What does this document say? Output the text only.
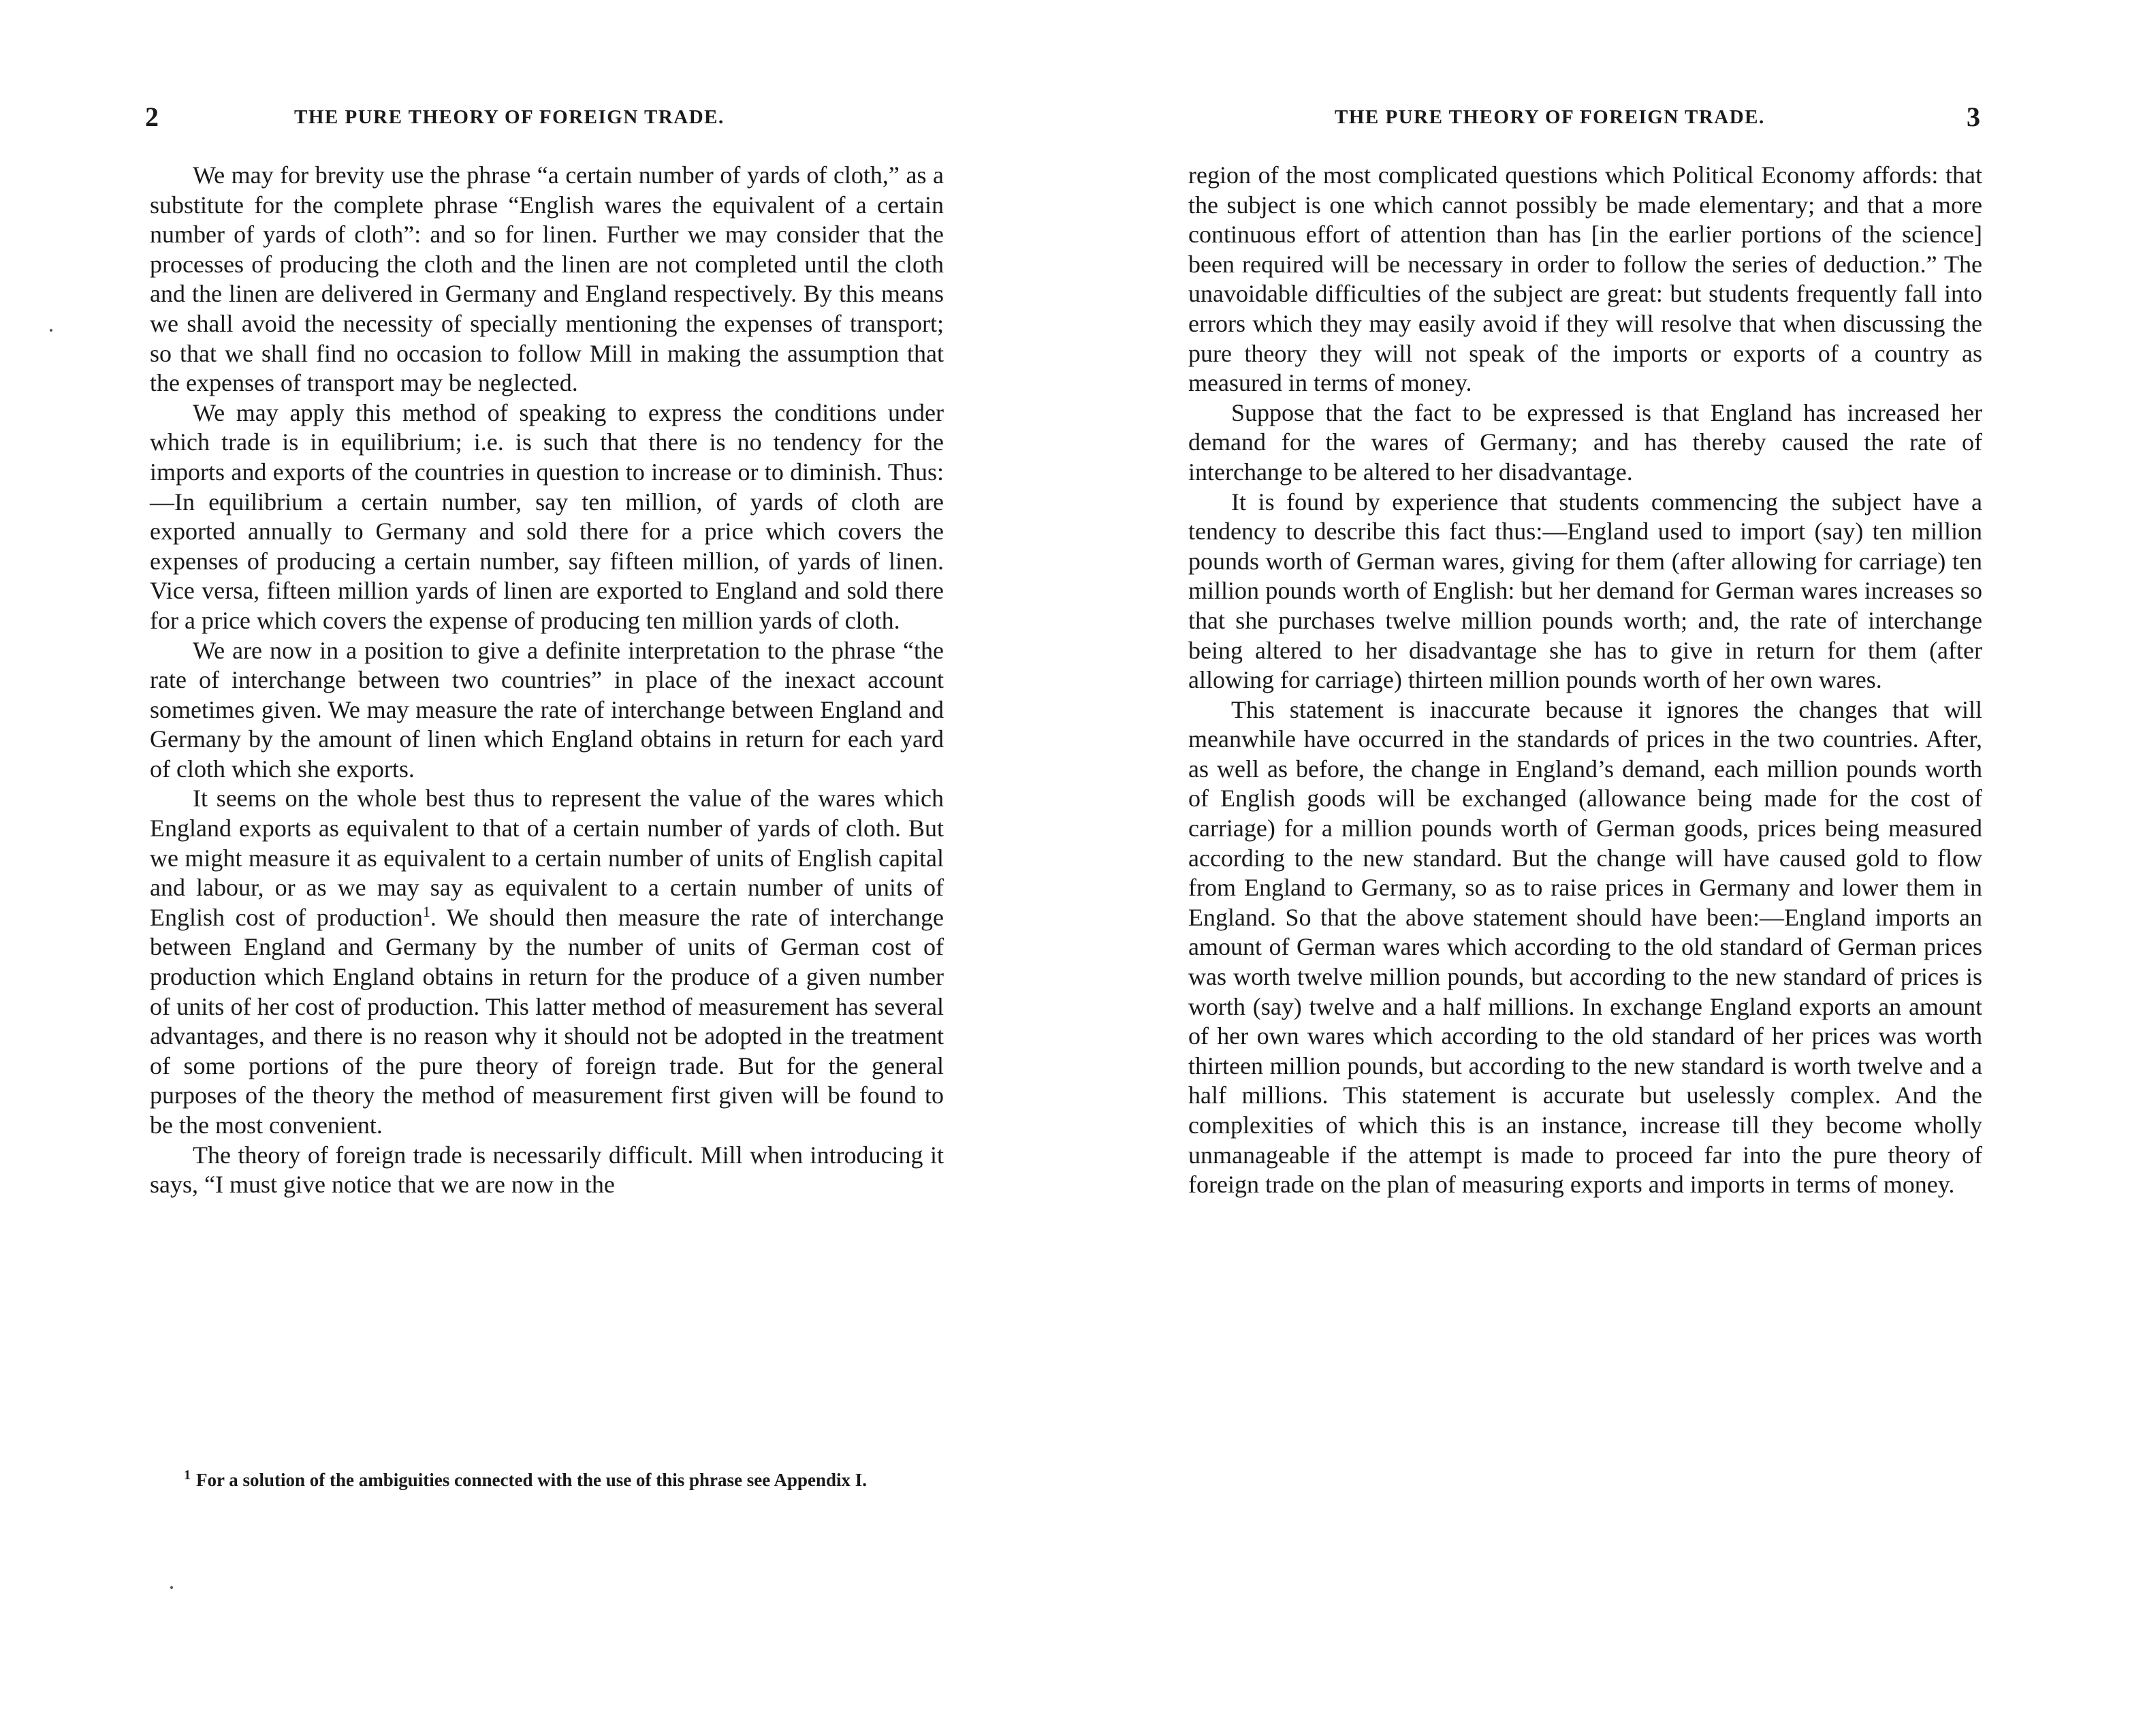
2	THE PURE THEORY OF FOREIGN TRADE.

We may for brevity use the phrase “a certain number of yards of cloth,” as a substitute for the complete phrase “English wares the equivalent of a certain number of yards of cloth”: and so for linen. Further we may consider that the processes of producing the cloth and the linen are not completed until the cloth and the linen are delivered in Germany and England respectively. By this means we shall avoid the necessity of specially mentioning the expenses of transport; so that we shall find no occasion to follow Mill in making the assumption that the expenses of transport may be neglected.

We may apply this method of speaking to express the conditions under which trade is in equilibrium; i.e. is such that there is no tendency for the imports and exports of the countries in question to increase or to diminish. Thus:—In equilibrium a certain number, say ten million, of yards of cloth are exported annually to Germany and sold there for a price which covers the expenses of producing a certain number, say fifteen million, of yards of linen. Vice versa, fifteen million yards of linen are exported to England and sold there for a price which covers the expense of producing ten million yards of cloth.

We are now in a position to give a definite interpretation to the phrase “the rate of interchange between two countries” in place of the inexact account sometimes given. We may measure the rate of interchange between England and Germany by the amount of linen which England obtains in return for each yard of cloth which she exports.

It seems on the whole best thus to represent the value of the wares which England exports as equivalent to that of a certain number of yards of cloth. But we might measure it as equivalent to a certain number of units of English capital and labour, or as we may say as equivalent to a certain number of units of English cost of production$^1$. We should then measure the rate of interchange between England and Germany by the number of units of German cost of production which England obtains in return for the produce of a given number of units of her cost of production. This latter method of measurement has several advantages, and there is no reason why it should not be adopted in the treatment of some portions of the pure theory of foreign trade. But for the general purposes of the theory the method of measurement first given will be found to be the most convenient.

The theory of foreign trade is necessarily difficult. Mill when introducing it says, “I must give notice that we are now in the

$^1$ For a solution of the ambiguities connected with the use of this phrase see Appendix I.
THE PURE THEORY OF FOREIGN TRADE.	3

region of the most complicated questions which Political Economy affords: that the subject is one which cannot possibly be made elementary; and that a more continuous effort of attention than has [in the earlier portions of the science] been required will be necessary in order to follow the series of deduction.” The unavoidable difficulties of the subject are great: but students frequently fall into errors which they may easily avoid if they will resolve that when discussing the pure theory they will not speak of the imports or exports of a country as measured in terms of money.

Suppose that the fact to be expressed is that England has increased her demand for the wares of Germany; and has thereby caused the rate of interchange to be altered to her disadvantage.

It is found by experience that students commencing the subject have a tendency to describe this fact thus:—England used to import (say) ten million pounds worth of German wares, giving for them (after allowing for carriage) ten million pounds worth of English: but her demand for German wares increases so that she purchases twelve million pounds worth; and, the rate of interchange being altered to her disadvantage she has to give in return for them (after allowing for carriage) thirteen million pounds worth of her own wares.

This statement is inaccurate because it ignores the changes that will meanwhile have occurred in the standards of prices in the two countries. After, as well as before, the change in England’s demand, each million pounds worth of English goods will be exchanged (allowance being made for the cost of carriage) for a million pounds worth of German goods, prices being measured according to the new standard. But the change will have caused gold to flow from England to Germany, so as to raise prices in Germany and lower them in England. So that the above statement should have been:—England imports an amount of German wares which according to the old standard of German prices was worth twelve million pounds, but according to the new standard of prices is worth (say) twelve and a half millions. In exchange England exports an amount of her own wares which according to the old standard of her prices was worth thirteen million pounds, but according to the new standard is worth twelve and a half millions. This statement is accurate but uselessly complex. And the complexities of which this is an instance, increase till they become wholly unmanageable if the attempt is made to proceed far into the pure theory of foreign trade on the plan of measuring exports and imports in terms of money.
